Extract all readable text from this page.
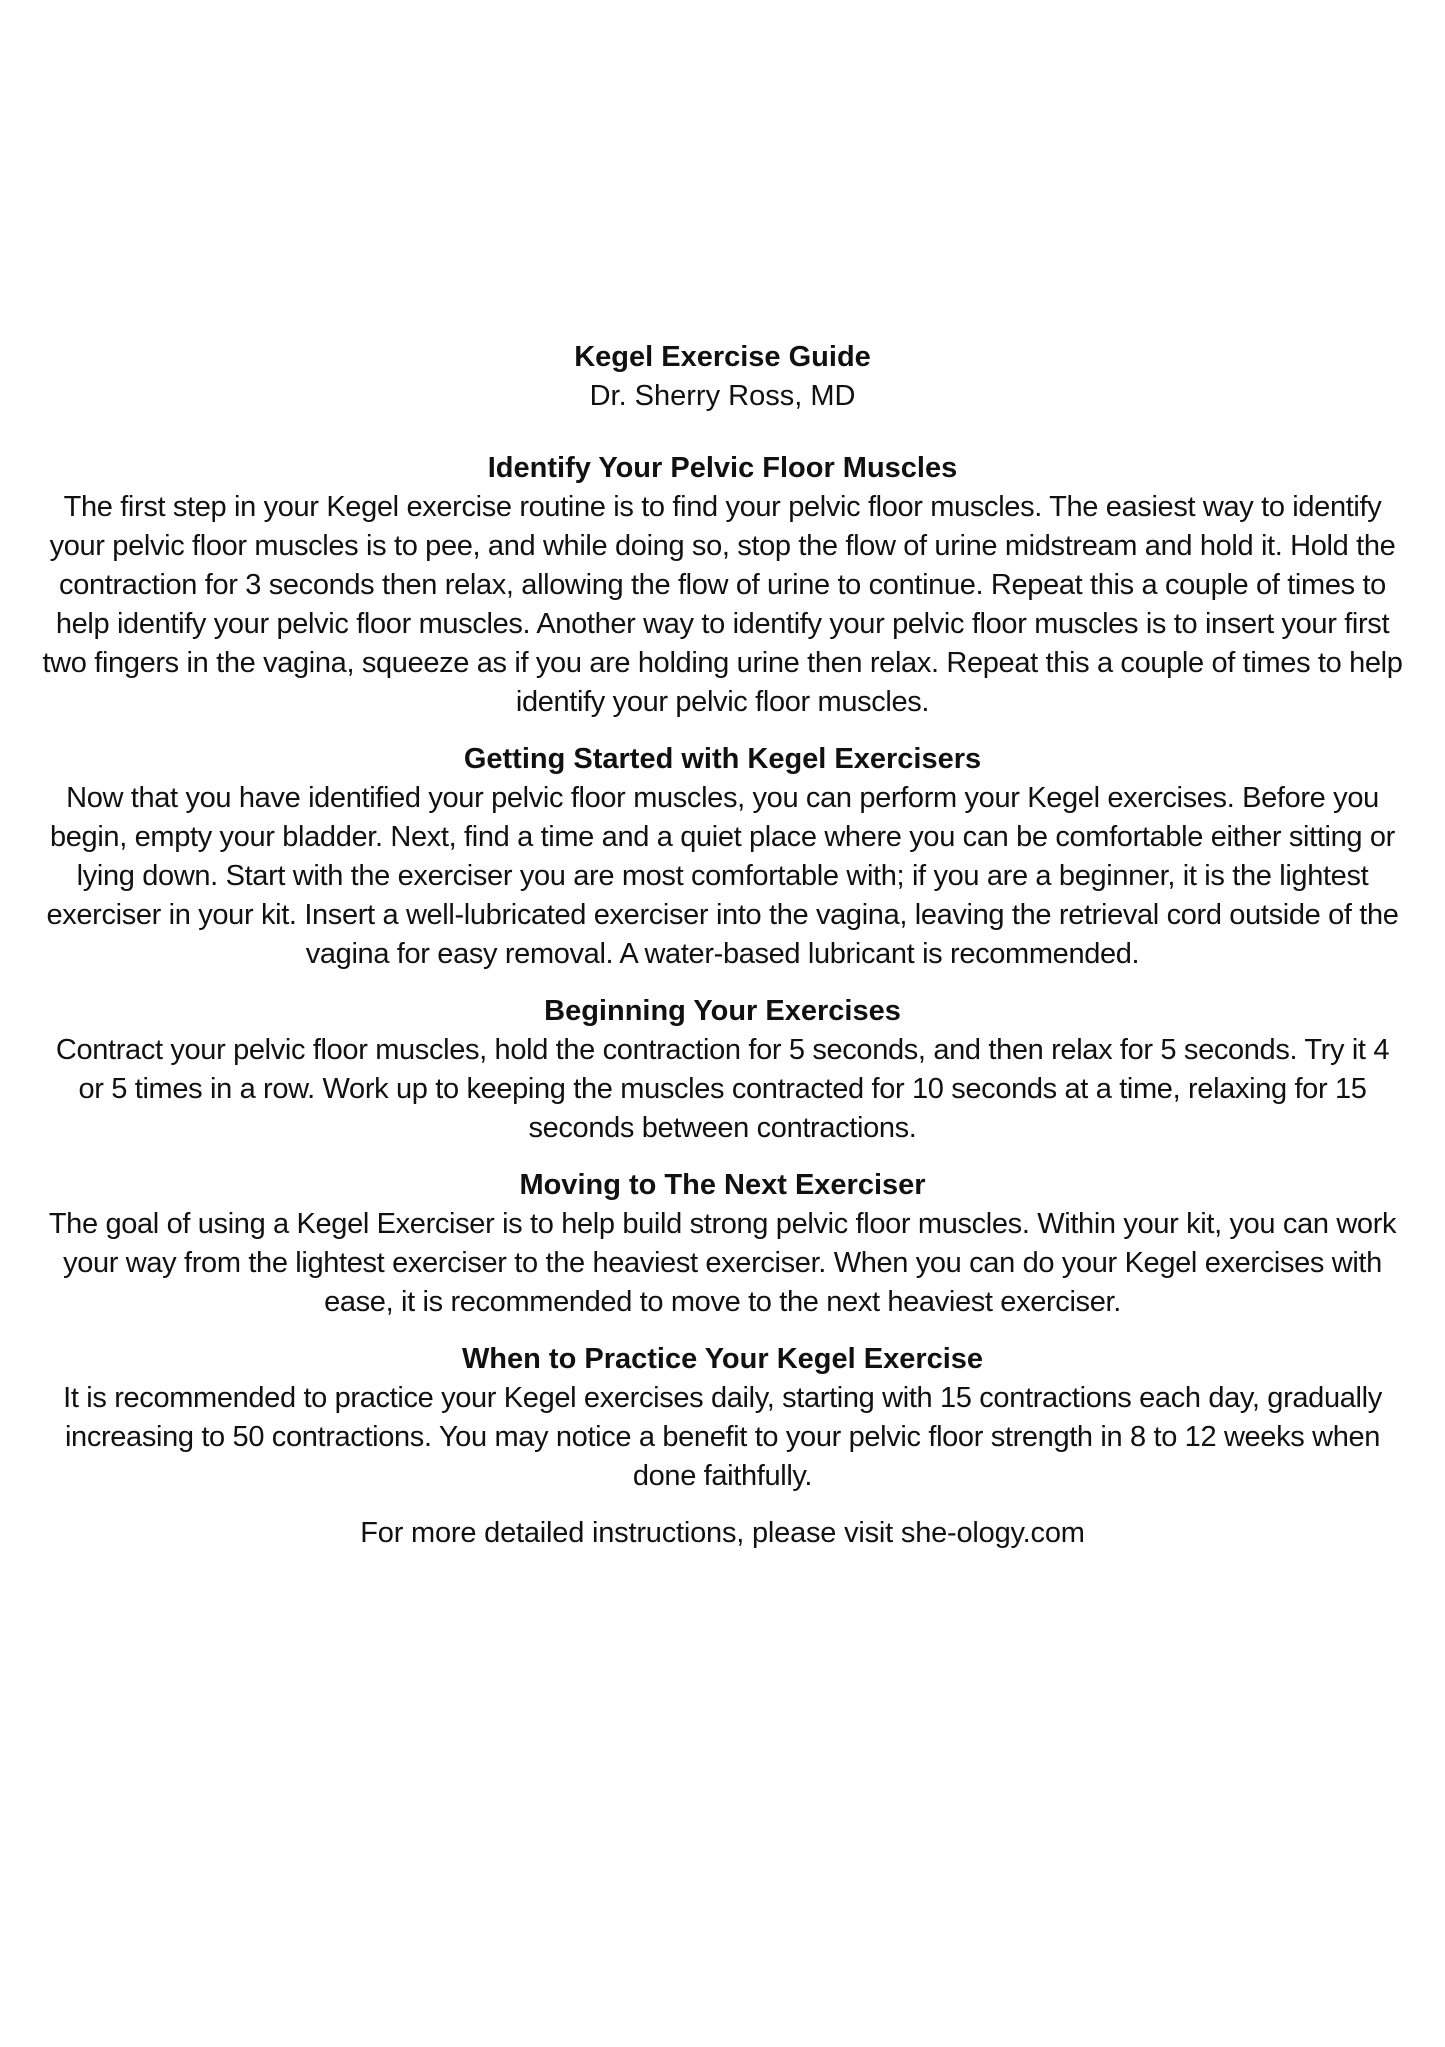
Kegel Exercise Guide

Dr. Sherry Ross, MD

Identify Your Pelvic Floor Muscles

The first step in your Kegel exercise routine is to find your pelvic floor muscles. The easiest way to identify your pelvic floor muscles is to pee, and while doing so, stop the flow of urine midstream and hold it. Hold the contraction for 3 seconds then relax, allowing the flow of urine to continue. Repeat this a couple of times to help identify your pelvic floor muscles. Another way to identify your pelvic floor muscles is to insert your first two fingers in the vagina, squeeze as if you are holding urine then relax. Repeat this a couple of times to help identify your pelvic floor muscles.

Getting Started with Kegel Exercisers

Now that you have identified your pelvic floor muscles, you can perform your Kegel exercises. Before you begin, empty your bladder. Next, find a time and a quiet place where you can be comfortable either sitting or lying down. Start with the exerciser you are most comfortable with; if you are a beginner, it is the lightest exerciser in your kit. Insert a well-lubricated exerciser into the vagina, leaving the retrieval cord outside of the vagina for easy removal. A water-based lubricant is recommended.

Beginning Your Exercises

Contract your pelvic floor muscles, hold the contraction for 5 seconds, and then relax for 5 seconds. Try it 4 or 5 times in a row. Work up to keeping the muscles contracted for 10 seconds at a time, relaxing for 15 seconds between contractions.

Moving to The Next Exerciser

The goal of using a Kegel Exerciser is to help build strong pelvic floor muscles. Within your kit, you can work your way from the lightest exerciser to the heaviest exerciser. When you can do your Kegel exercises with ease, it is recommended to move to the next heaviest exerciser.

When to Practice Your Kegel Exercise

It is recommended to practice your Kegel exercises daily, starting with 15 contractions each day, gradually increasing to 50 contractions. You may notice a benefit to your pelvic floor strength in 8 to 12 weeks when done faithfully.

For more detailed instructions, please visit she-ology.com
